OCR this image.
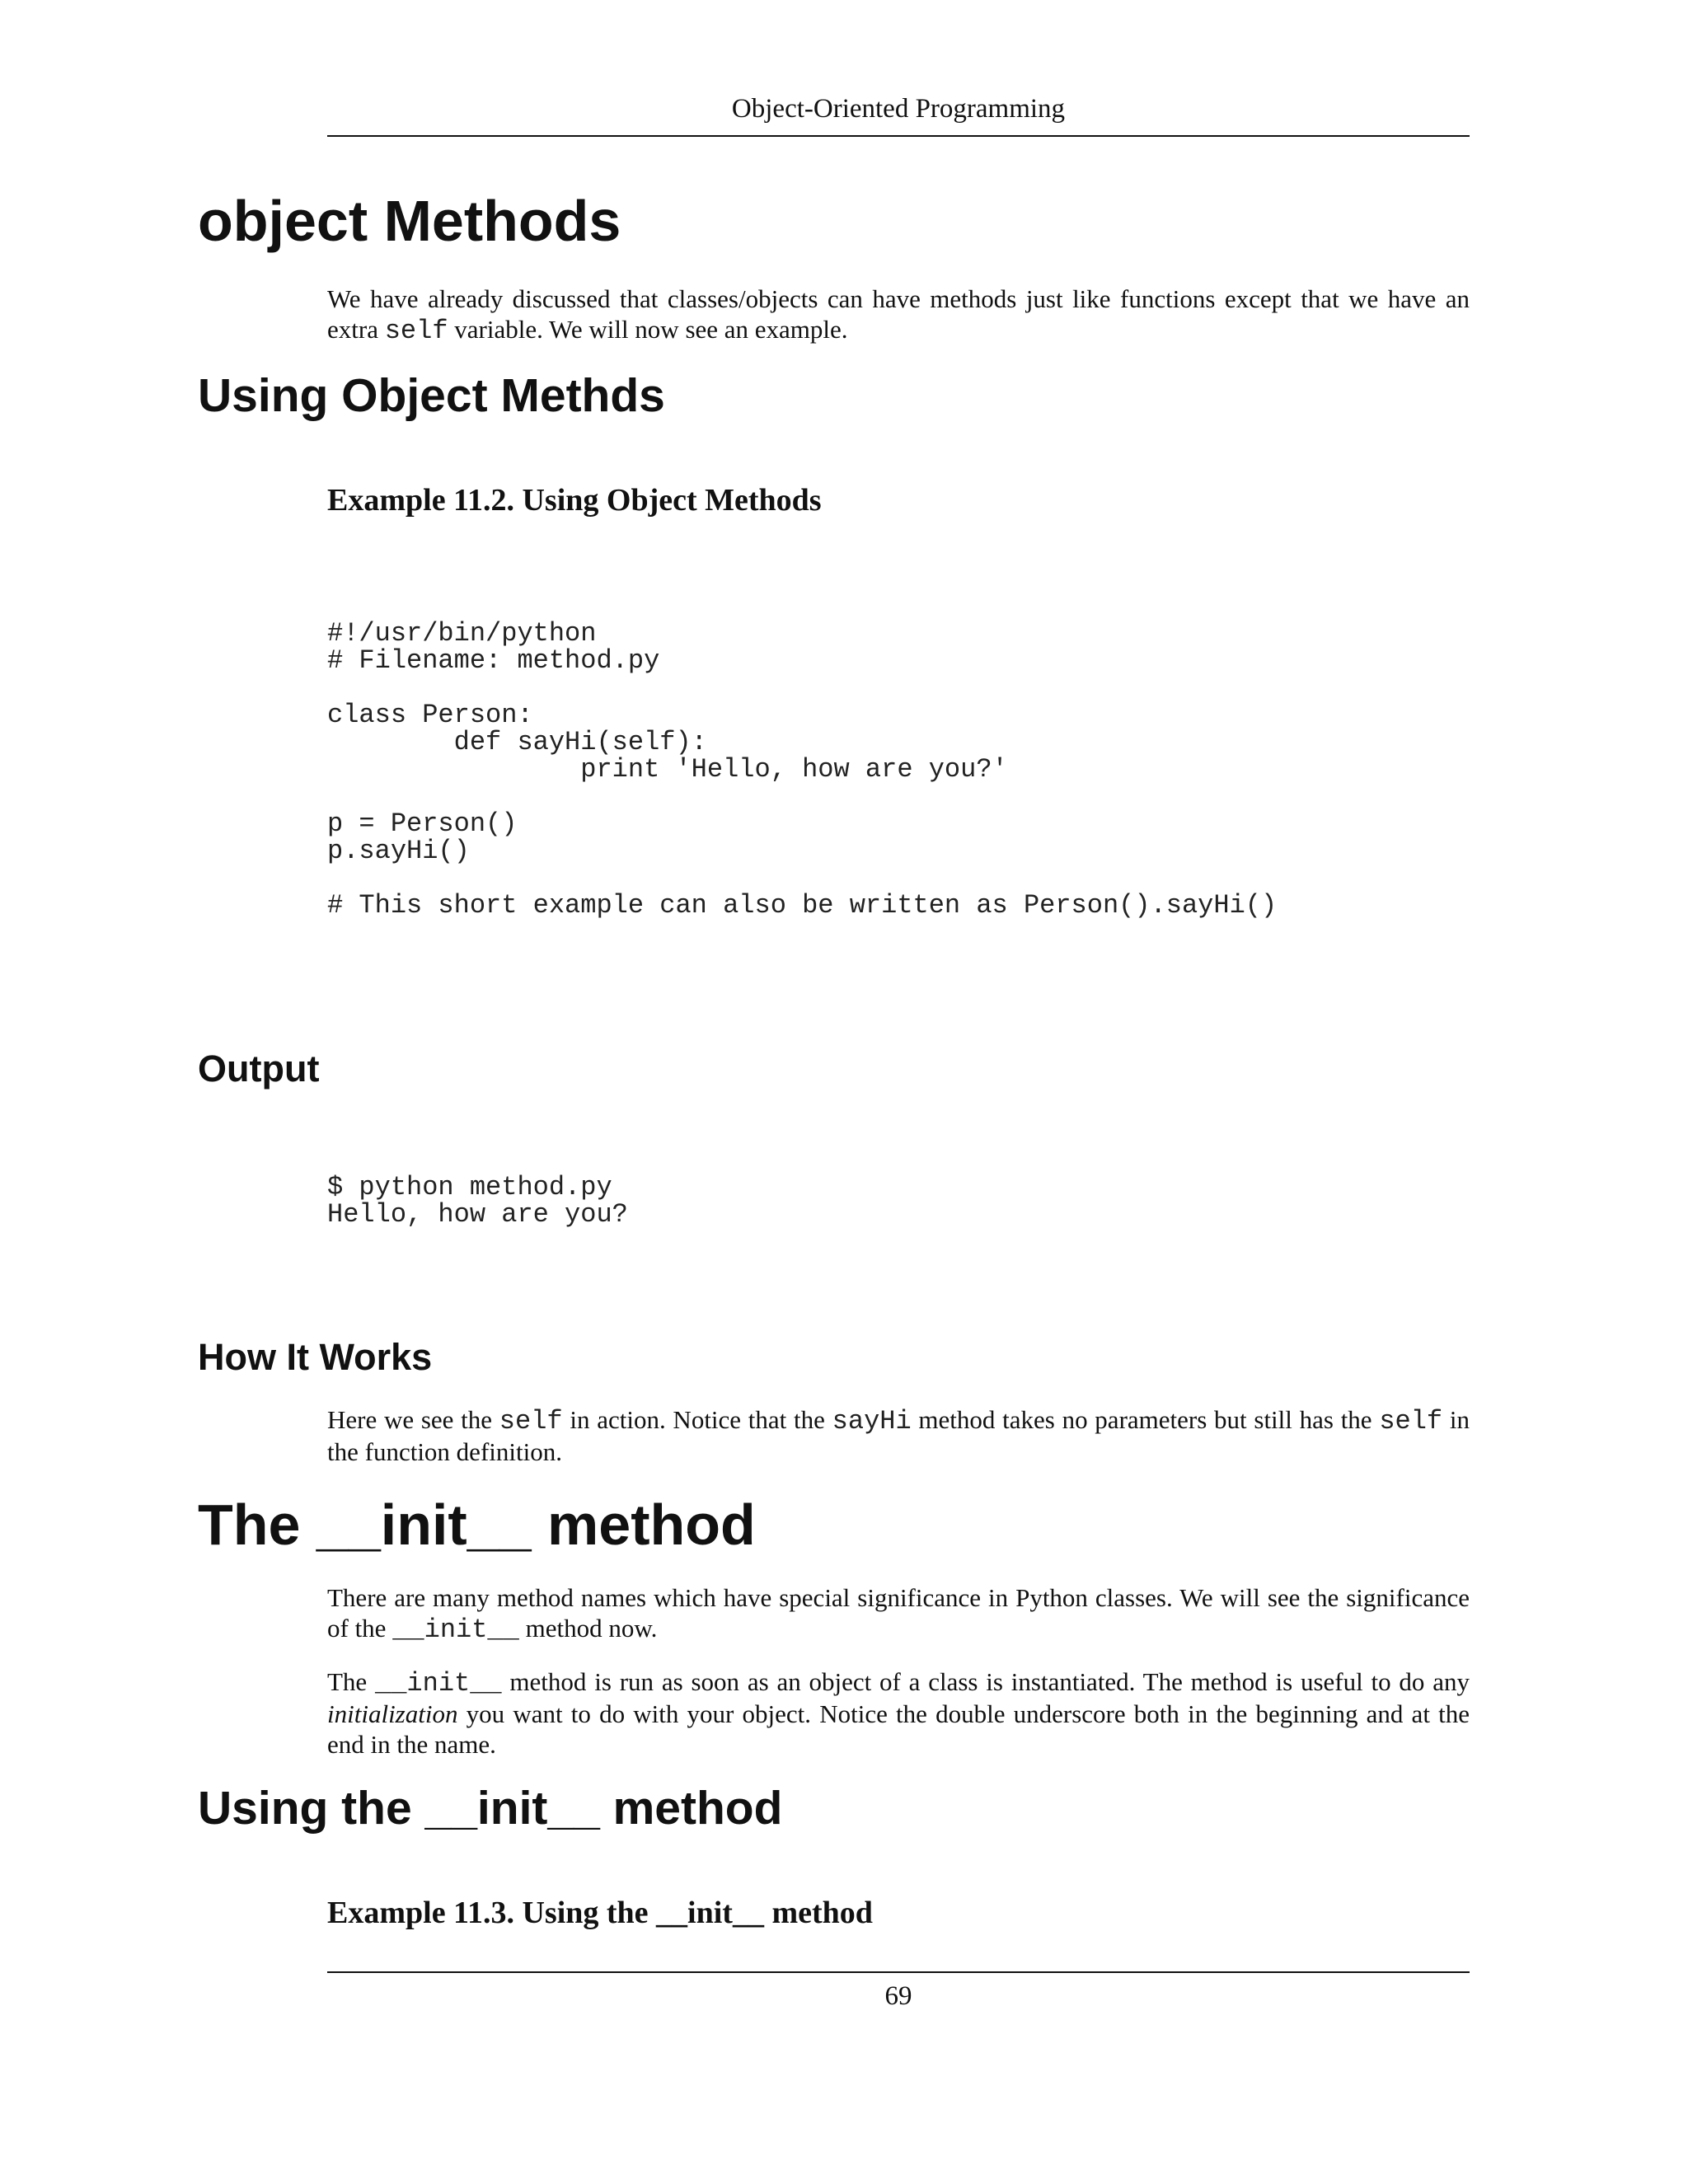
Object-Oriented Programming
object Methods
We have already discussed that classes/objects can have methods just like functions except that we have an extra self variable. We will now see an example.
Using Object Methds
Example 11.2. Using Object Methods
#!/usr/bin/python
# Filename: method.py

class Person:
def sayHi(self):
print 'Hello, how are you?'

p = Person()
p.sayHi()

# This short example can also be written as Person().sayHi()
Output
$ python method.py
Hello, how are you?
How It Works
Here we see the self in action. Notice that the sayHi method takes no parameters but still has the self in the function definition.
The __init__ method
There are many method names which have special significance in Python classes. We will see the significance of the __init__ method now.
The __init__ method is run as soon as an object of a class is instantiated. The method is useful to do any initialization you want to do with your object. Notice the double underscore both in the beginning and at the end in the name.
Using the __init__ method
Example 11.3. Using the __init__ method
69
